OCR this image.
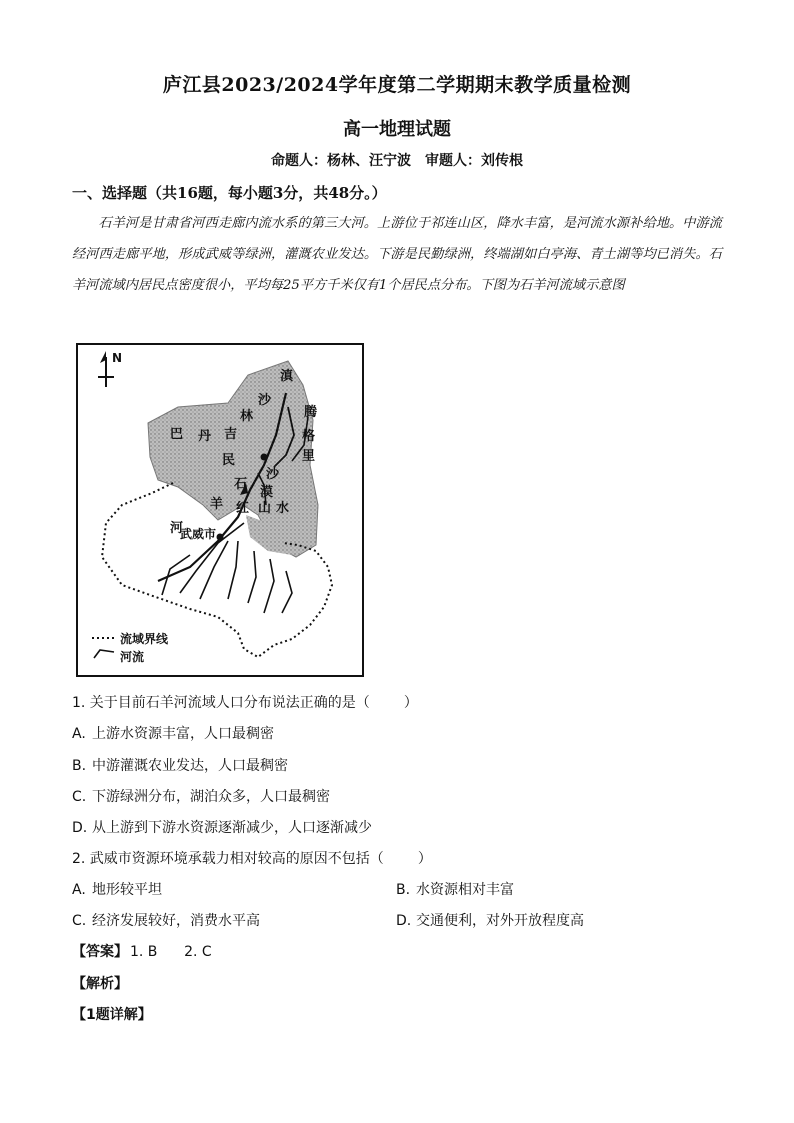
庐江县2023/2024学年度第二学期期末教学质量检测
高一地理试题
命题人：杨林、汪宁波 审题人：刘传根
一、选择题（共16题，每小题3分，共48分。）

石羊河是甘肃省河西走廊内流水系的第三大河。上游位于祁连山区，降水丰富，是河流水源补给地。中游流经河西走廊平地，形成武威等绿洲，灌溉农业发达。下游是民勤绿洲，终端湖如白亭海、青土湖等均已消失。石羊河流域内居民点密度很小，平均每25平方千米仅有1个居民点分布。下图为石羊河流域示意图

N
巴 丹 吉
沙
林
民
石
羊
河
滇
腾
格
里
沙
漠
红 山 水
武威市
流域界线
河流
1. 关于目前石羊河流域人口分布说法正确的是（ ）
A. 上游水资源丰富，人口最稠密
B. 中游灌溉农业发达，人口最稠密
C. 下游绿洲分布，湖泊众多，人口最稠密
D. 从上游到下游水资源逐渐减少，人口逐渐减少
2. 武威市资源环境承载力相对较高的原因不包括（ ）
A. 地形较平坦	B. 水资源相对丰富
C. 经济发展较好，消费水平高	D. 交通便利，对外开放程度高
【答案】 1. B      2. C
【解析】
【1题详解】
